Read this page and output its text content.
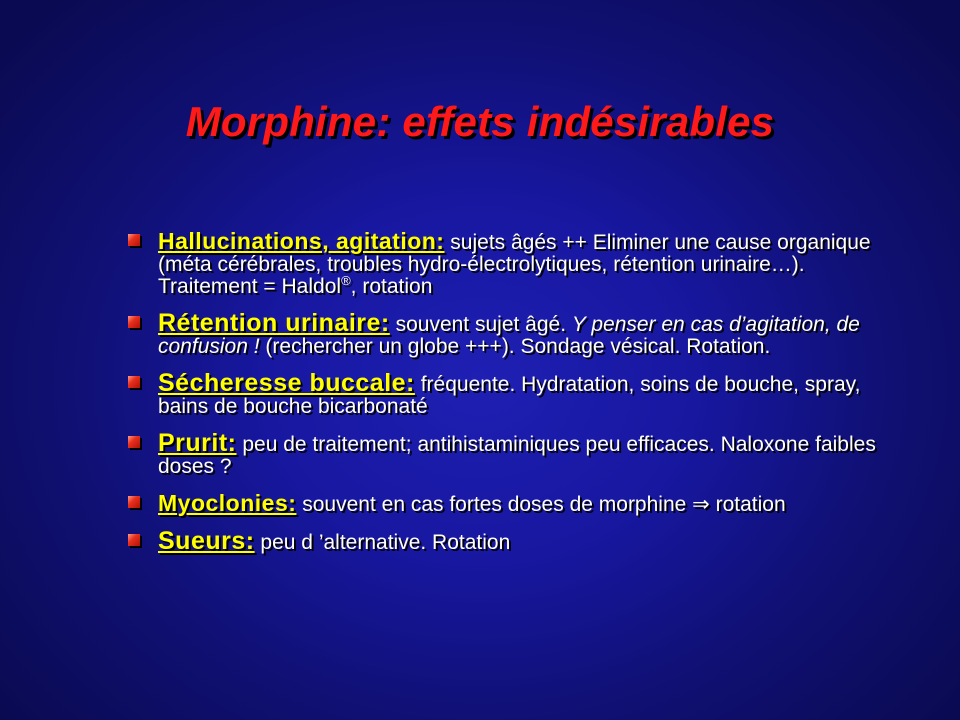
Morphine: effets indésirables
Hallucinations, agitation: sujets âgés ++ Eliminer une cause organique (méta cérébrales, troubles hydro-électrolytiques, rétention urinaire…). Traitement = Haldol®, rotation
Rétention urinaire: souvent sujet âgé. Y penser en cas d’agitation, de confusion ! (rechercher un globe +++). Sondage vésical. Rotation.
Sécheresse buccale: fréquente. Hydratation, soins de bouche, spray, bains de bouche bicarbonaté
Prurit: peu de traitement; antihistaminiques peu efficaces. Naloxone faibles doses ?
Myoclonies: souvent en cas fortes doses de morphine ⇒ rotation
Sueurs: peu d ’alternative. Rotation
